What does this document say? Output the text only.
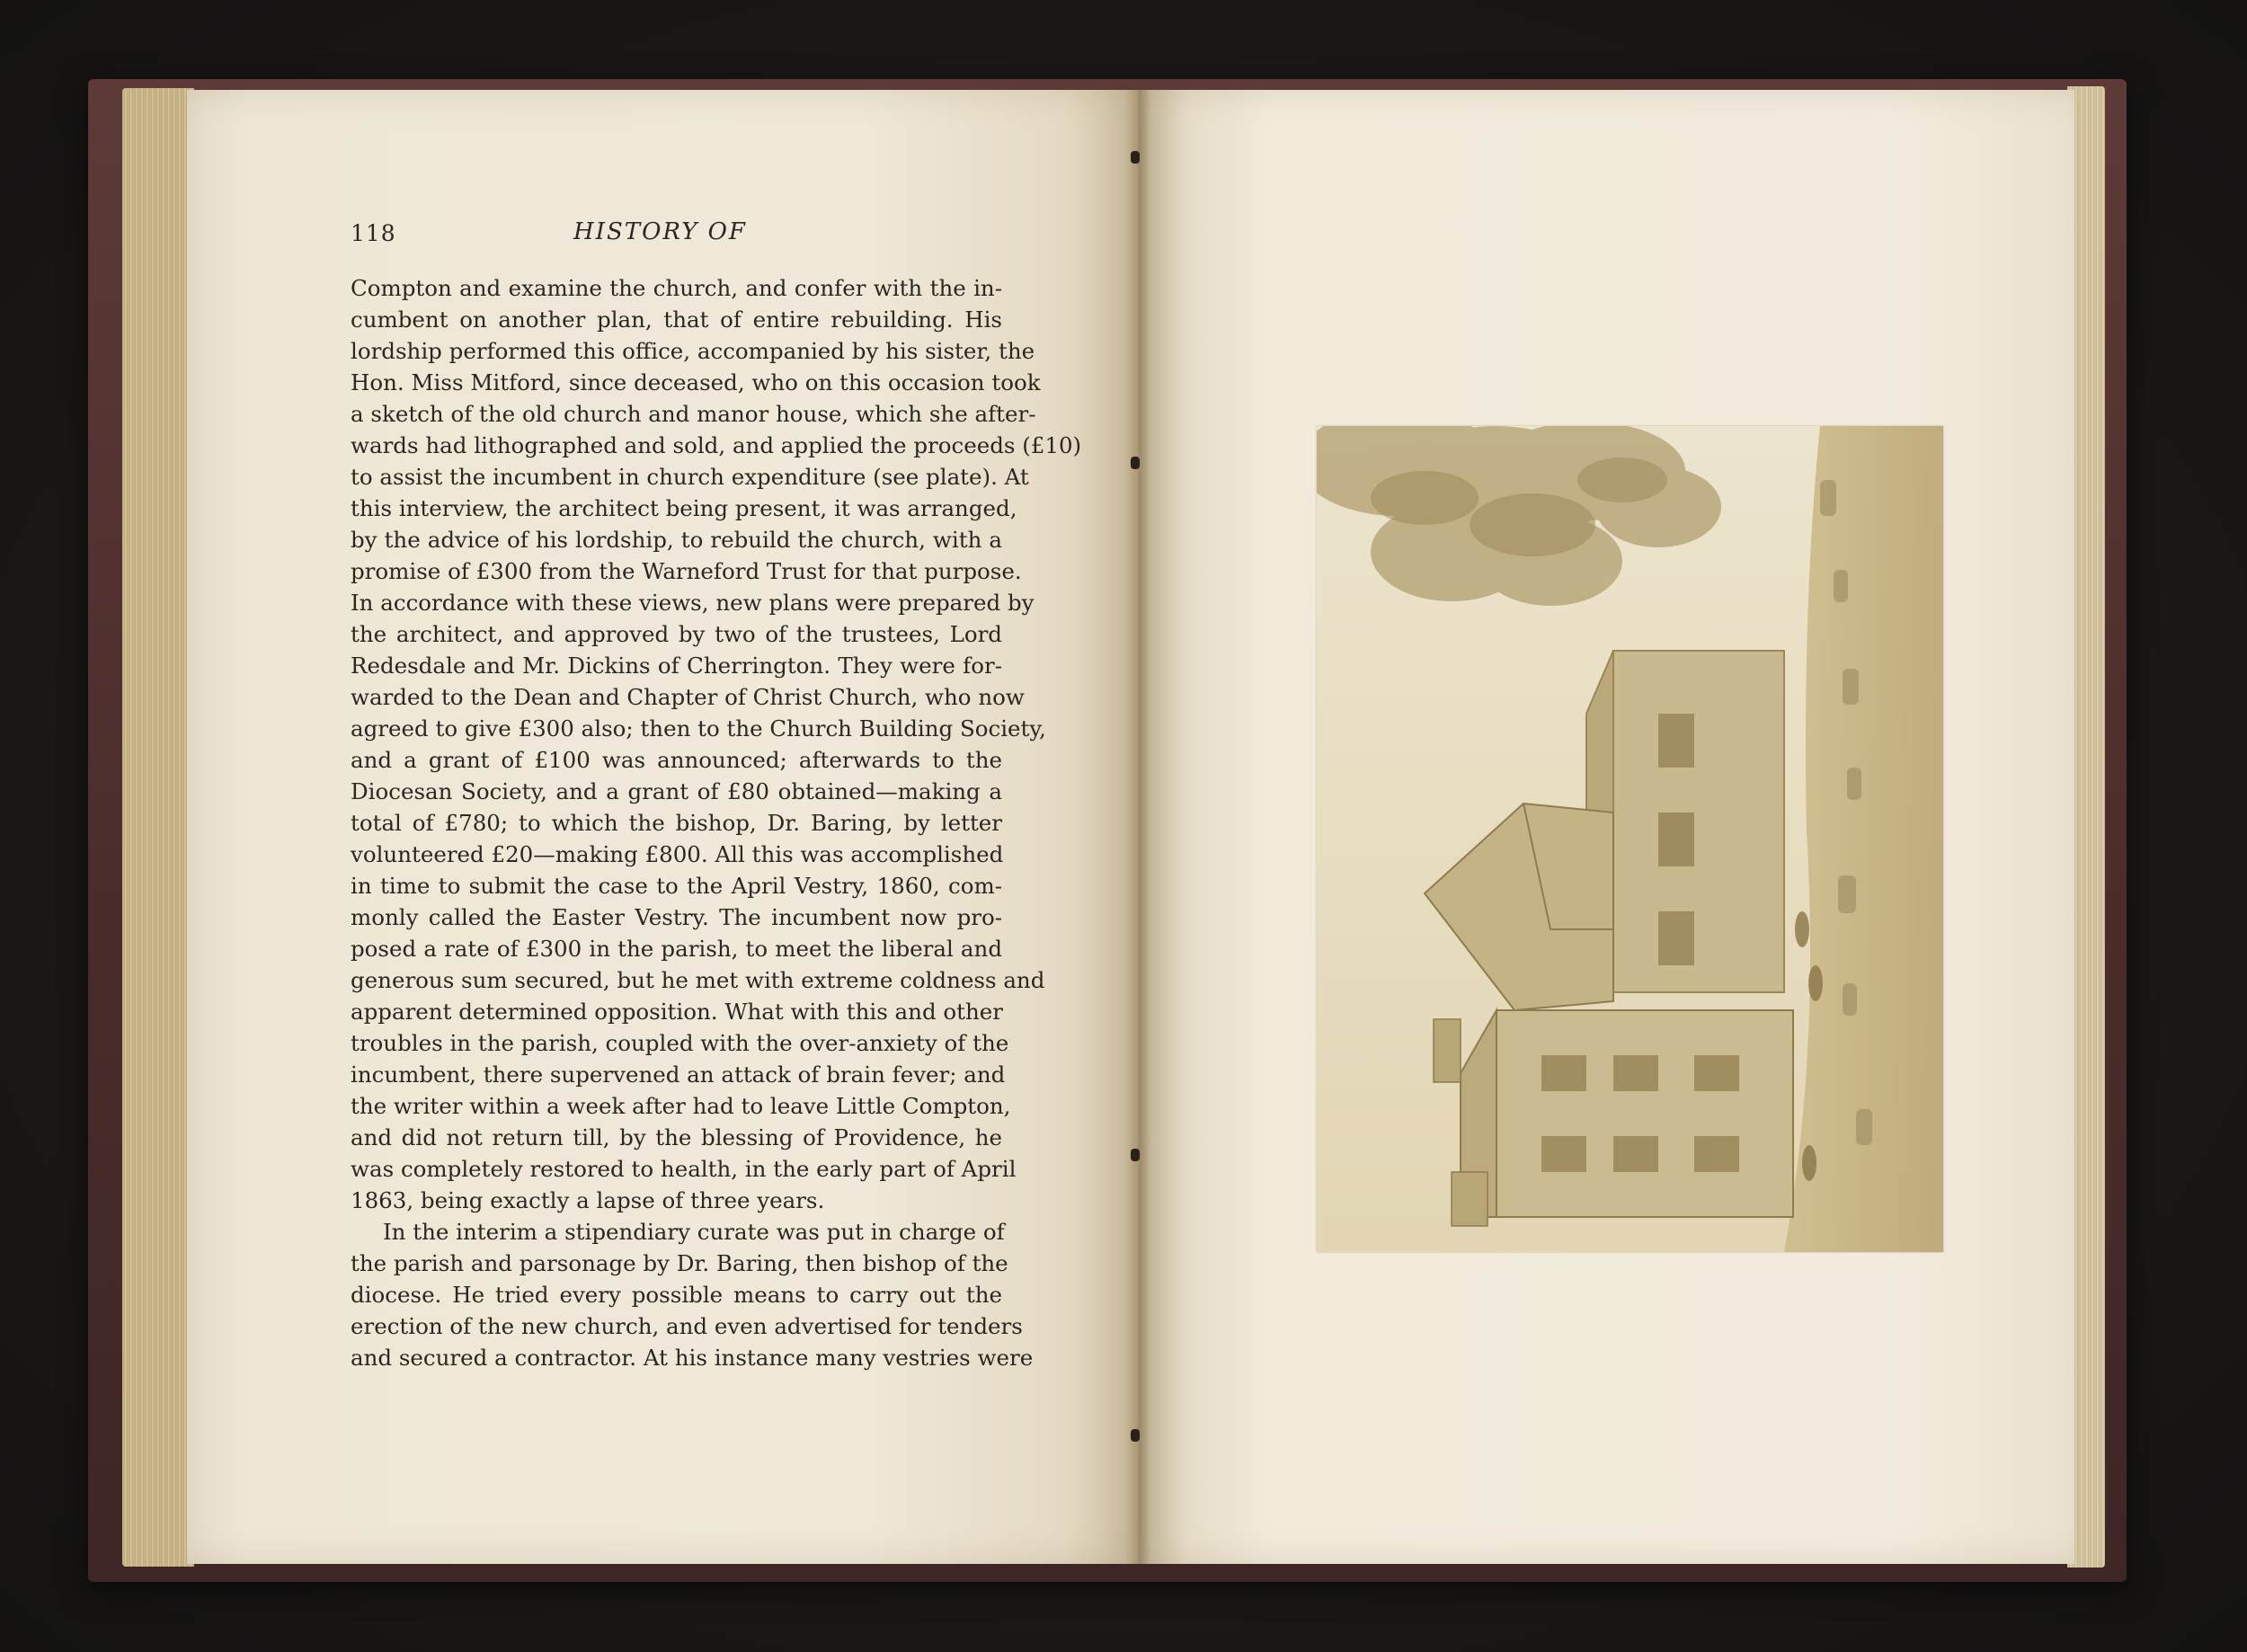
118	HISTORY OF
Compton and examine the church, and confer with the in-
cumbent on another plan, that of entire rebuilding. His
lordship performed this office, accompanied by his sister, the
Hon. Miss Mitford, since deceased, who on this occasion took
a sketch of the old church and manor house, which she after-
wards had lithographed and sold, and applied the proceeds (£10)
to assist the incumbent in church expenditure (see plate). At
this interview, the architect being present, it was arranged,
by the advice of his lordship, to rebuild the church, with a
promise of £300 from the Warneford Trust for that purpose.
In accordance with these views, new plans were prepared by
the architect, and approved by two of the trustees, Lord
Redesdale and Mr. Dickins of Cherrington. They were for-
warded to the Dean and Chapter of Christ Church, who now
agreed to give £300 also; then to the Church Building Society,
and a grant of £100 was announced; afterwards to the
Diocesan Society, and a grant of £80 obtained—making a
total of £780; to which the bishop, Dr. Baring, by letter
volunteered £20—making £800. All this was accomplished
in time to submit the case to the April Vestry, 1860, com-
monly called the Easter Vestry. The incumbent now pro-
posed a rate of £300 in the parish, to meet the liberal and
generous sum secured, but he met with extreme coldness and
apparent determined opposition. What with this and other
troubles in the parish, coupled with the over-anxiety of the
incumbent, there supervened an attack of brain fever; and
the writer within a week after had to leave Little Compton,
and did not return till, by the blessing of Providence, he
was completely restored to health, in the early part of April
1863, being exactly a lapse of three years.
In the interim a stipendiary curate was put in charge of
the parish and parsonage by Dr. Baring, then bishop of the
diocese. He tried every possible means to carry out the
erection of the new church, and even advertised for tenders
and secured a contractor. At his instance many vestries were
